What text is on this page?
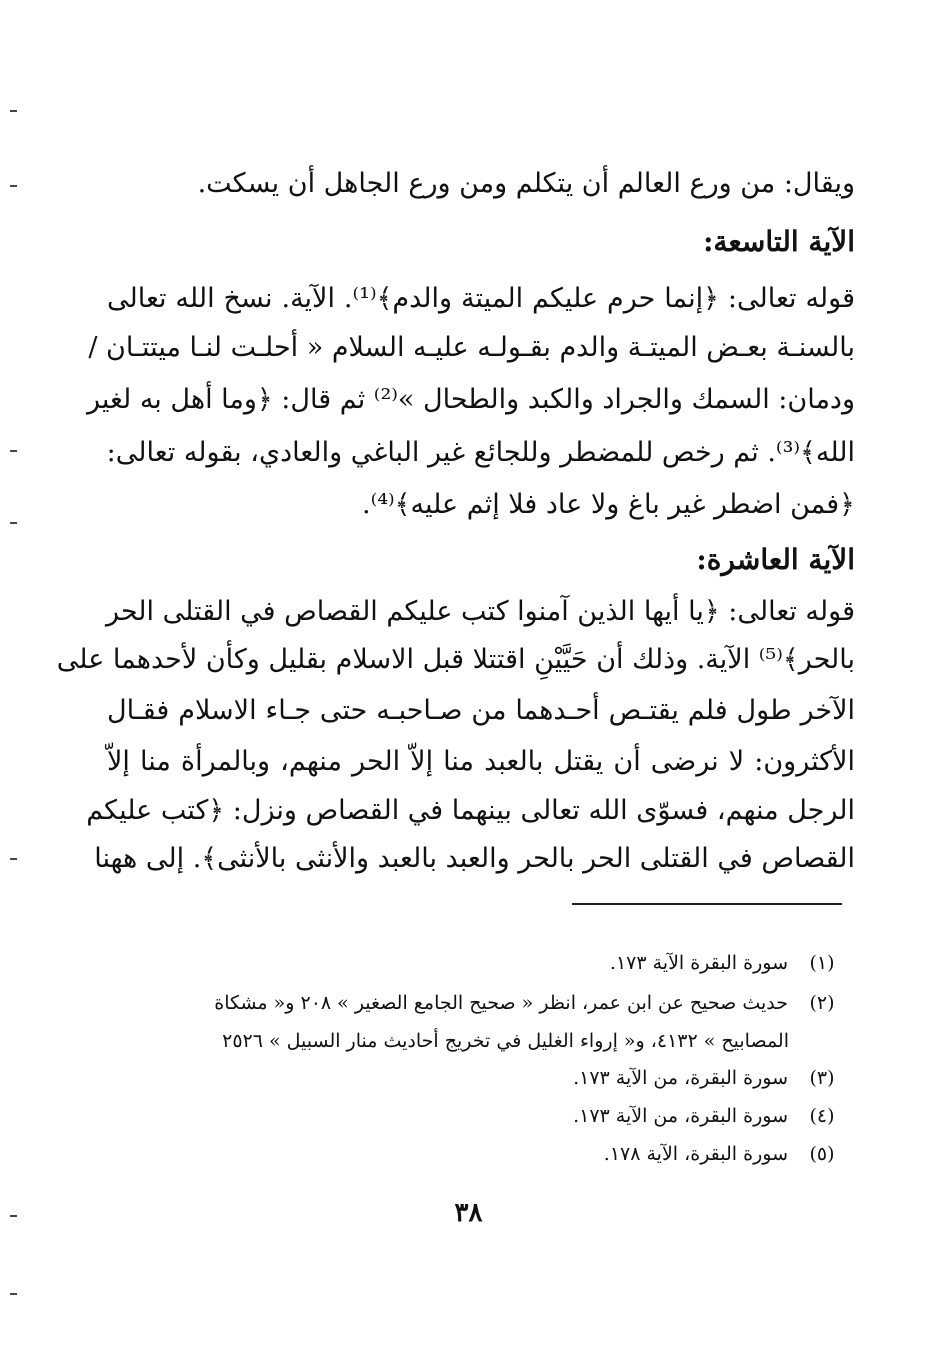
ويقال: من ورع العالم أن يتكلم ومن ورع الجاهل أن يسكت.
الآية التاسعة:
قوله تعالى: ﴿إنما حرم عليكم الميتة والدم﴾⁽¹⁾. الآية. نسخ الله تعالى
بالسنـة بعـض الميتـة والدم بقـولـه عليـه السلام « أحلـت لنـا ميتتـان /
ودمان: السمك والجراد والكبد والطحال »⁽²⁾ ثم قال: ﴿وما أهل به لغير
الله﴾⁽³⁾. ثم رخص للمضطر وللجائع غير الباغي والعادي، بقوله تعالى:
﴿فمن اضطر غير باغ ولا عاد فلا إثم عليه﴾⁽⁴⁾.
الآية العاشرة:
قوله تعالى: ﴿يا أيها الذين آمنوا كتب عليكم القصاص في القتلى الحر
بالحر﴾⁽⁵⁾ الآية. وذلك أن حَيَّيْنِ اقتتلا قبل الاسلام بقليل وكأن لأحدهما على
الآخر طول فلم يقتـص أحـدهما من صـاحبـه حتى جـاء الاسلام فقـال
الأكثرون: لا نرضى أن يقتل بالعبد منا إلاّ الحر منهم، وبالمرأة منا إلاّ
الرجل منهم، فسوّى الله تعالى بينهما في القصاص ونزل: ﴿كتب عليكم
القصاص في القتلى الحر بالحر والعبد بالعبد والأنثى بالأنثى﴾. إلى ههنا
(١)
سورة البقرة الآية ١٧٣.
(٢)
حديث صحيح عن ابن عمر، انظر « صحيح الجامع الصغير » ٢٠٨ و« مشكاة
المصابيح » ٤١٣٢، و« إرواء الغليل في تخريج أحاديث منار السبيل » ٢٥٢٦
(٣)
سورة البقرة، من الآية ١٧٣.
(٤)
سورة البقرة، من الآية ١٧٣.
(٥)
سورة البقرة، الآية ١٧٨.
٣٨
